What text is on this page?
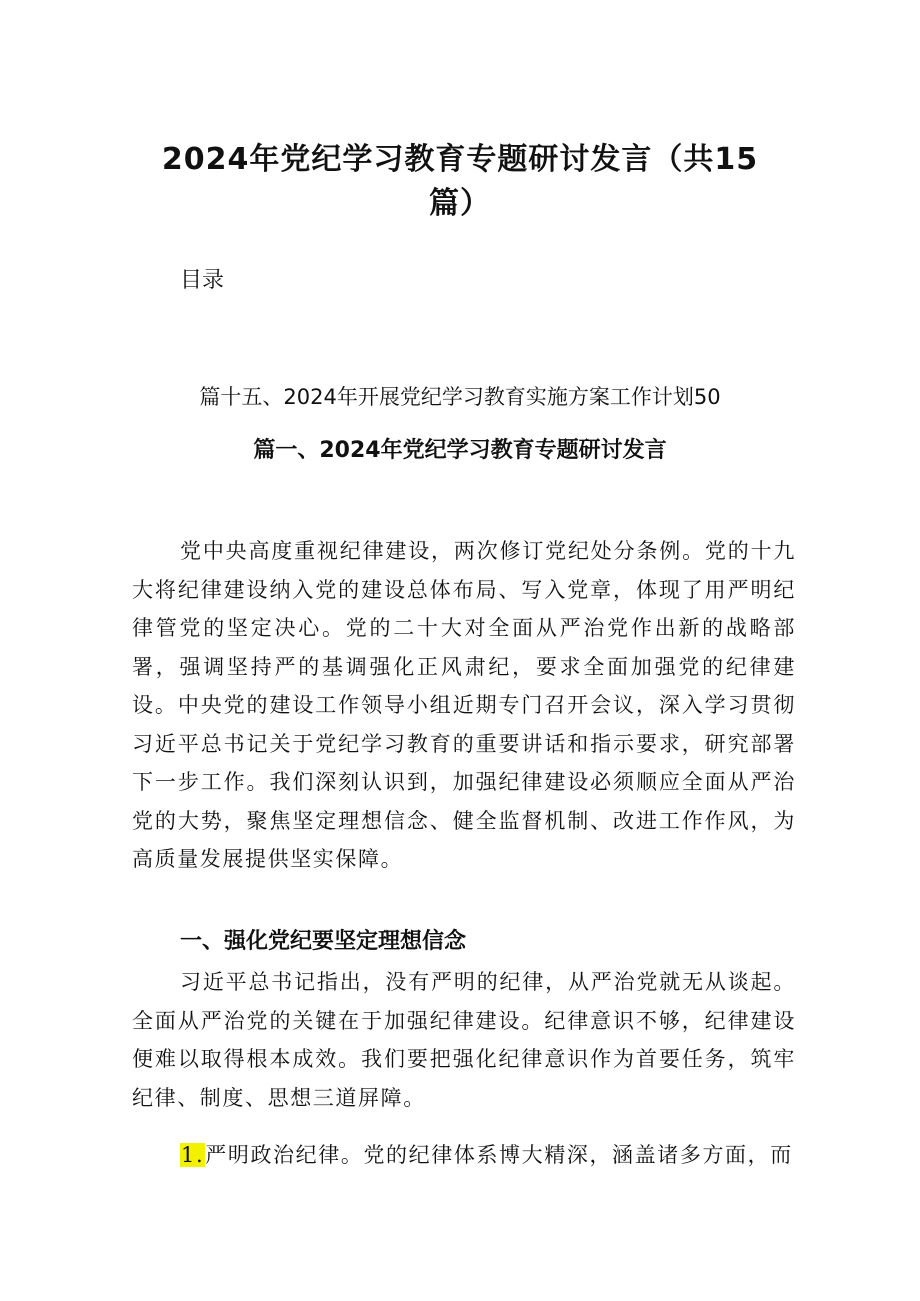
2024年党纪学习教育专题研讨发言（共15
篇）
目录
篇十五、2024年开展党纪学习教育实施方案工作计划50
篇一、2024年党纪学习教育专题研讨发言

党中央高度重视纪律建设，两次修订党纪处分条例。党的十九大将纪律建设纳入党的建设总体布局、写入党章，体现了用严明纪律管党的坚定决心。党的二十大对全面从严治党作出新的战略部署，强调坚持严的基调强化正风肃纪，要求全面加强党的纪律建设。中央党的建设工作领导小组近期专门召开会议，深入学习贯彻习近平总书记关于党纪学习教育的重要讲话和指示要求，研究部署下一步工作。我们深刻认识到，加强纪律建设必须顺应全面从严治党的大势，聚焦坚定理想信念、健全监督机制、改进工作作风，为高质量发展提供坚实保障。

一、强化党纪要坚定理想信念

习近平总书记指出，没有严明的纪律，从严治党就无从谈起。全面从严治党的关键在于加强纪律建设。纪律意识不够，纪律建设便难以取得根本成效。我们要把强化纪律意识作为首要任务，筑牢纪律、制度、思想三道屏障。

1.严明政治纪律。党的纪律体系博大精深，涵盖诸多方面，而
